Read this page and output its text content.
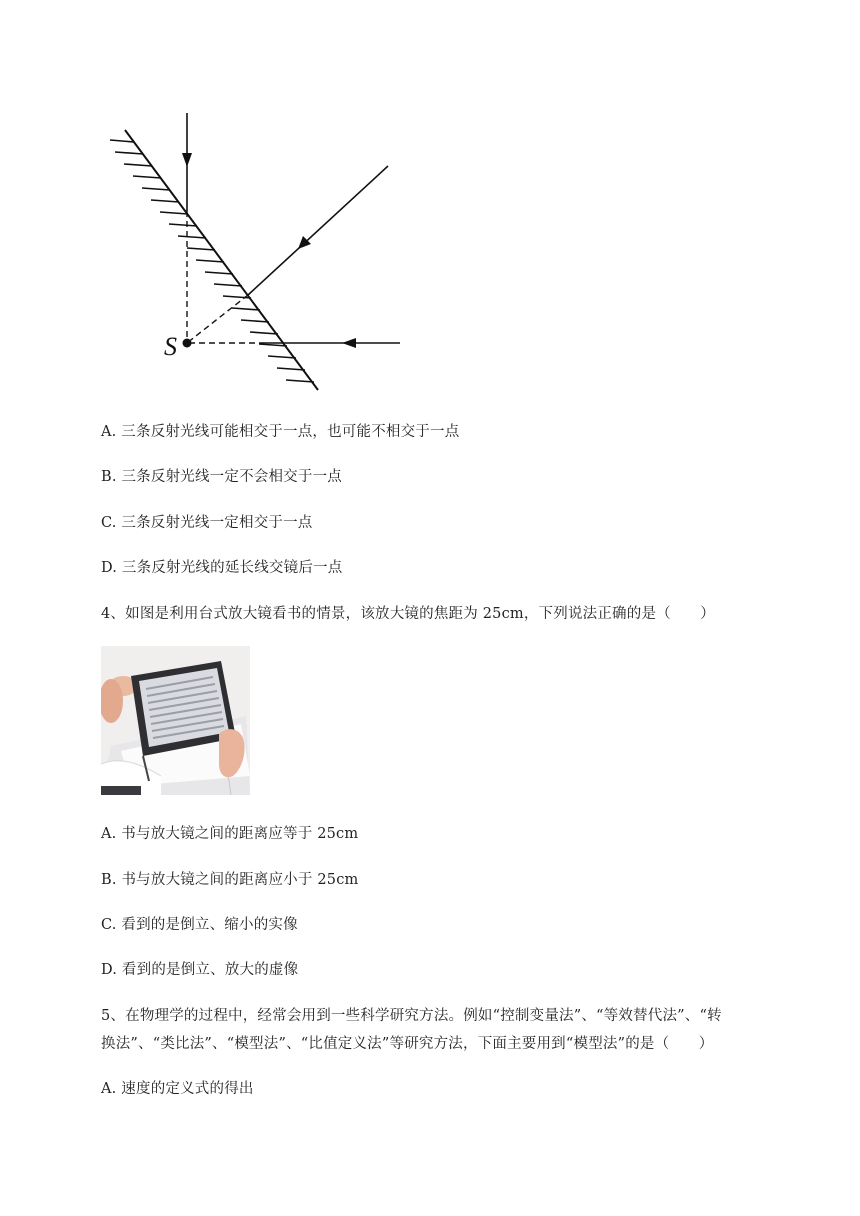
S
A. 三条反射光线可能相交于一点，也可能不相交于一点
B. 三条反射光线一定不会相交于一点
C. 三条反射光线一定相交于一点
D. 三条反射光线的延长线交镜后一点
4、如图是利用台式放大镜看书的情景，该放大镜的焦距为 25cm，下列说法正确的是（　　）
A. 书与放大镜之间的距离应等于 25cm
B. 书与放大镜之间的距离应小于 25cm
C. 看到的是倒立、缩小的实像
D. 看到的是倒立、放大的虚像
5、在物理学的过程中，经常会用到一些科学研究方法。例如“控制变量法”、“等效替代法”、“转
换法”、“类比法”、“模型法”、“比值定义法”等研究方法，下面主要用到“模型法”的是（　　）
A. 速度的定义式的得出
